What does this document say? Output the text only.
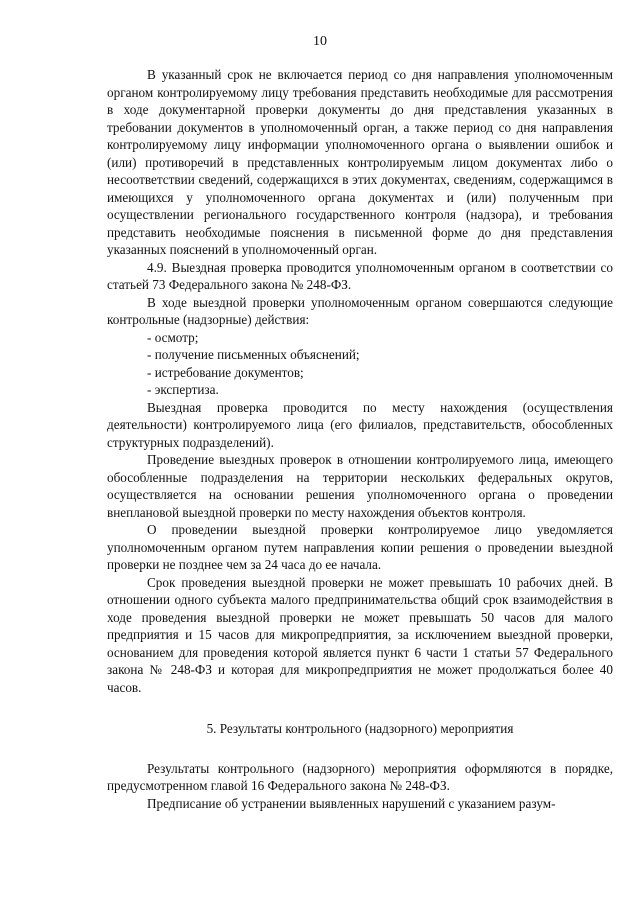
10

В указанный срок не включается период со дня направления уполномоченным органом контролируемому лицу требования представить необходимые для рассмотрения в ходе документарной проверки документы до дня представления указанных в требовании документов в уполномоченный орган, а также период со дня направления контролируемому лицу информации уполномоченного органа о выявлении ошибок и (или) противоречий в представленных контролируемым лицом документах либо о несоответствии сведений, содержащихся в этих документах, сведениям, содержащимся в имеющихся у уполномоченного органа документах и (или) полученным при осуществлении регионального государственного контроля (надзора), и требования представить необходимые пояснения в письменной форме до дня представления указанных пояснений в уполномоченный орган.

4.9. Выездная проверка проводится уполномоченным органом в соответствии со статьей 73 Федерального закона № 248-ФЗ.

В ходе выездной проверки уполномоченным органом совершаются следующие контрольные (надзорные) действия:

- осмотр;

- получение письменных объяснений;

- истребование документов;

- экспертиза.

Выездная проверка проводится по месту нахождения (осуществления деятельности) контролируемого лица (его филиалов, представительств, обособленных структурных подразделений).

Проведение выездных проверок в отношении контролируемого лица, имеющего обособленные подразделения на территории нескольких федеральных округов, осуществляется на основании решения уполномоченного органа о проведении внеплановой выездной проверки по месту нахождения объектов контроля.

О проведении выездной проверки контролируемое лицо уведомляется уполномоченным органом путем направления копии решения о проведении выездной проверки не позднее чем за 24 часа до ее начала.

Срок проведения выездной проверки не может превышать 10 рабочих дней. В отношении одного субъекта малого предпринимательства общий срок взаимодействия в ходе проведения выездной проверки не может превышать 50 часов для малого предприятия и 15 часов для микропредприятия, за исключением выездной проверки, основанием для проведения которой является пункт 6 части 1 статьи 57 Федерального закона № 248-ФЗ и которая для микропредприятия не может продолжаться более 40 часов.

5. Результаты контрольного (надзорного) мероприятия

Результаты контрольного (надзорного) мероприятия оформляются в порядке, предусмотренном главой 16 Федерального закона № 248-ФЗ.

Предписание об устранении выявленных нарушений с указанием разум-
